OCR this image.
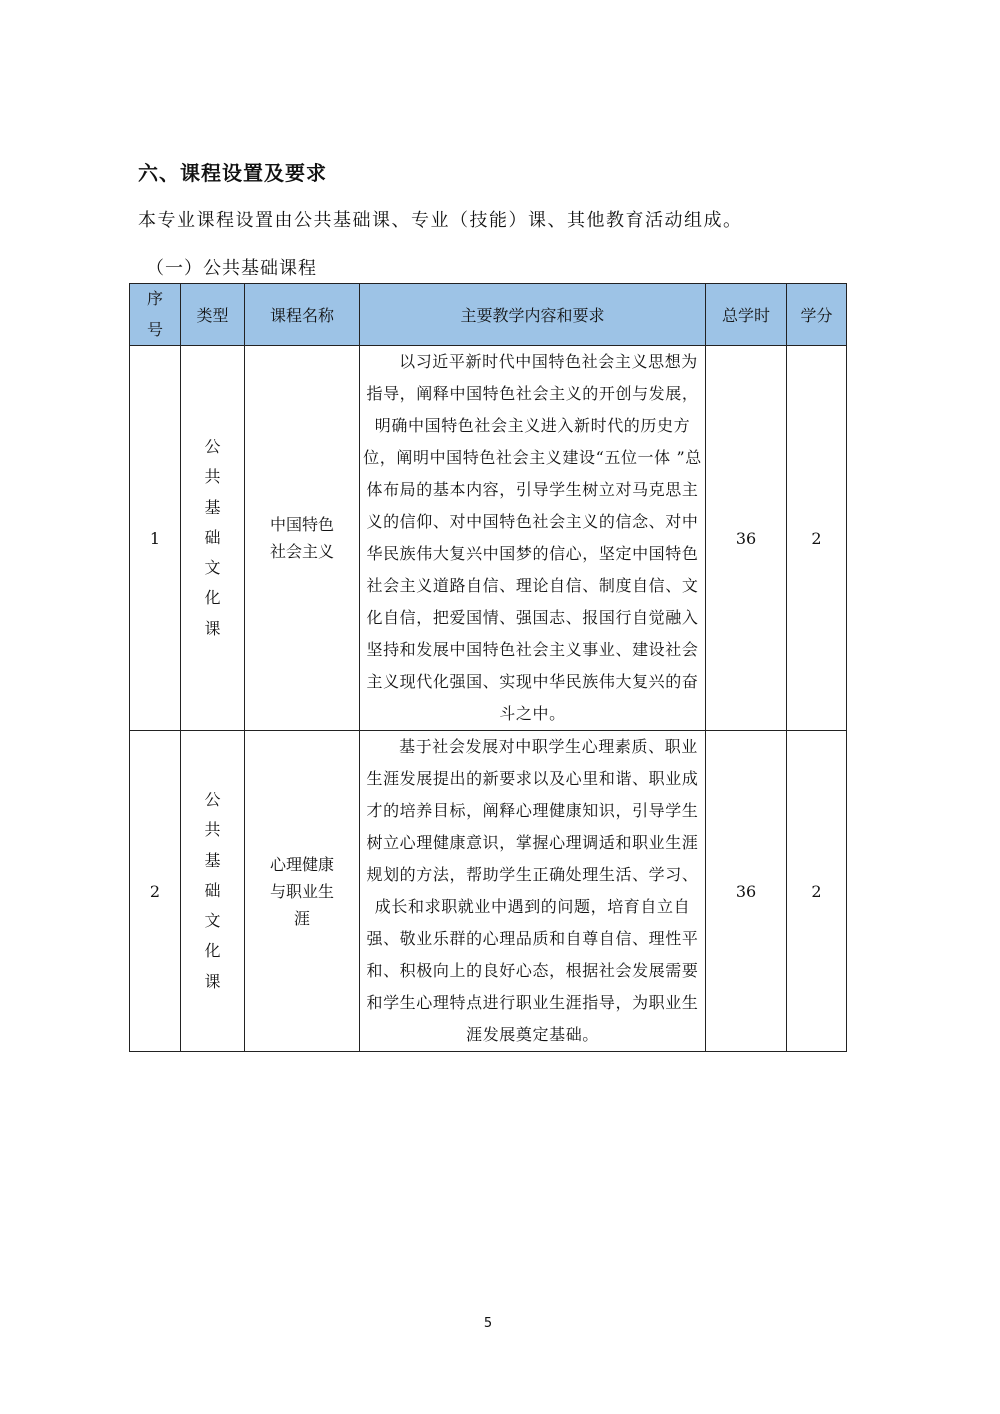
六、课程设置及要求
本专业课程设置由公共基础课、专业（技能）课、其他教育活动组成。
（一）公共基础课程
序号	类型	课程名称	主要教学内容和要求	总学时	学分
1	公共基础文化课	中国特色社会主义	以习近平新时代中国特色社会主义思想为指导，阐释中国特色社会主义的开创与发展，明确中国特色社会主义进入新时代的历史方位，阐明中国特色社会主义建设“五位一体 ”总体布局的基本内容，引导学生树立对马克思主义的信仰、对中国特色社会主义的信念、对中华民族伟大复兴中国梦的信心，坚定中国特色社会主义道路自信、理论自信、制度自信、文化自信，把爱国情、强国志、报国行自觉融入坚持和发展中国特色社会主义事业、建设社会主义现代化强国、实现中华民族伟大复兴的奋斗之中。	36	2
2	公共基础文化课	心理健康与职业生涯	基于社会发展对中职学生心理素质、职业生涯发展提出的新要求以及心里和谐、职业成才的培养目标，阐释心理健康知识，引导学生树立心理健康意识，掌握心理调适和职业生涯规划的方法，帮助学生正确处理生活、学习、成长和求职就业中遇到的问题，培育自立自强、敬业乐群的心理品质和自尊自信、理性平和、积极向上的良好心态，根据社会发展需要和学生心理特点进行职业生涯指导，为职业生涯发展奠定基础。	36	2
5
